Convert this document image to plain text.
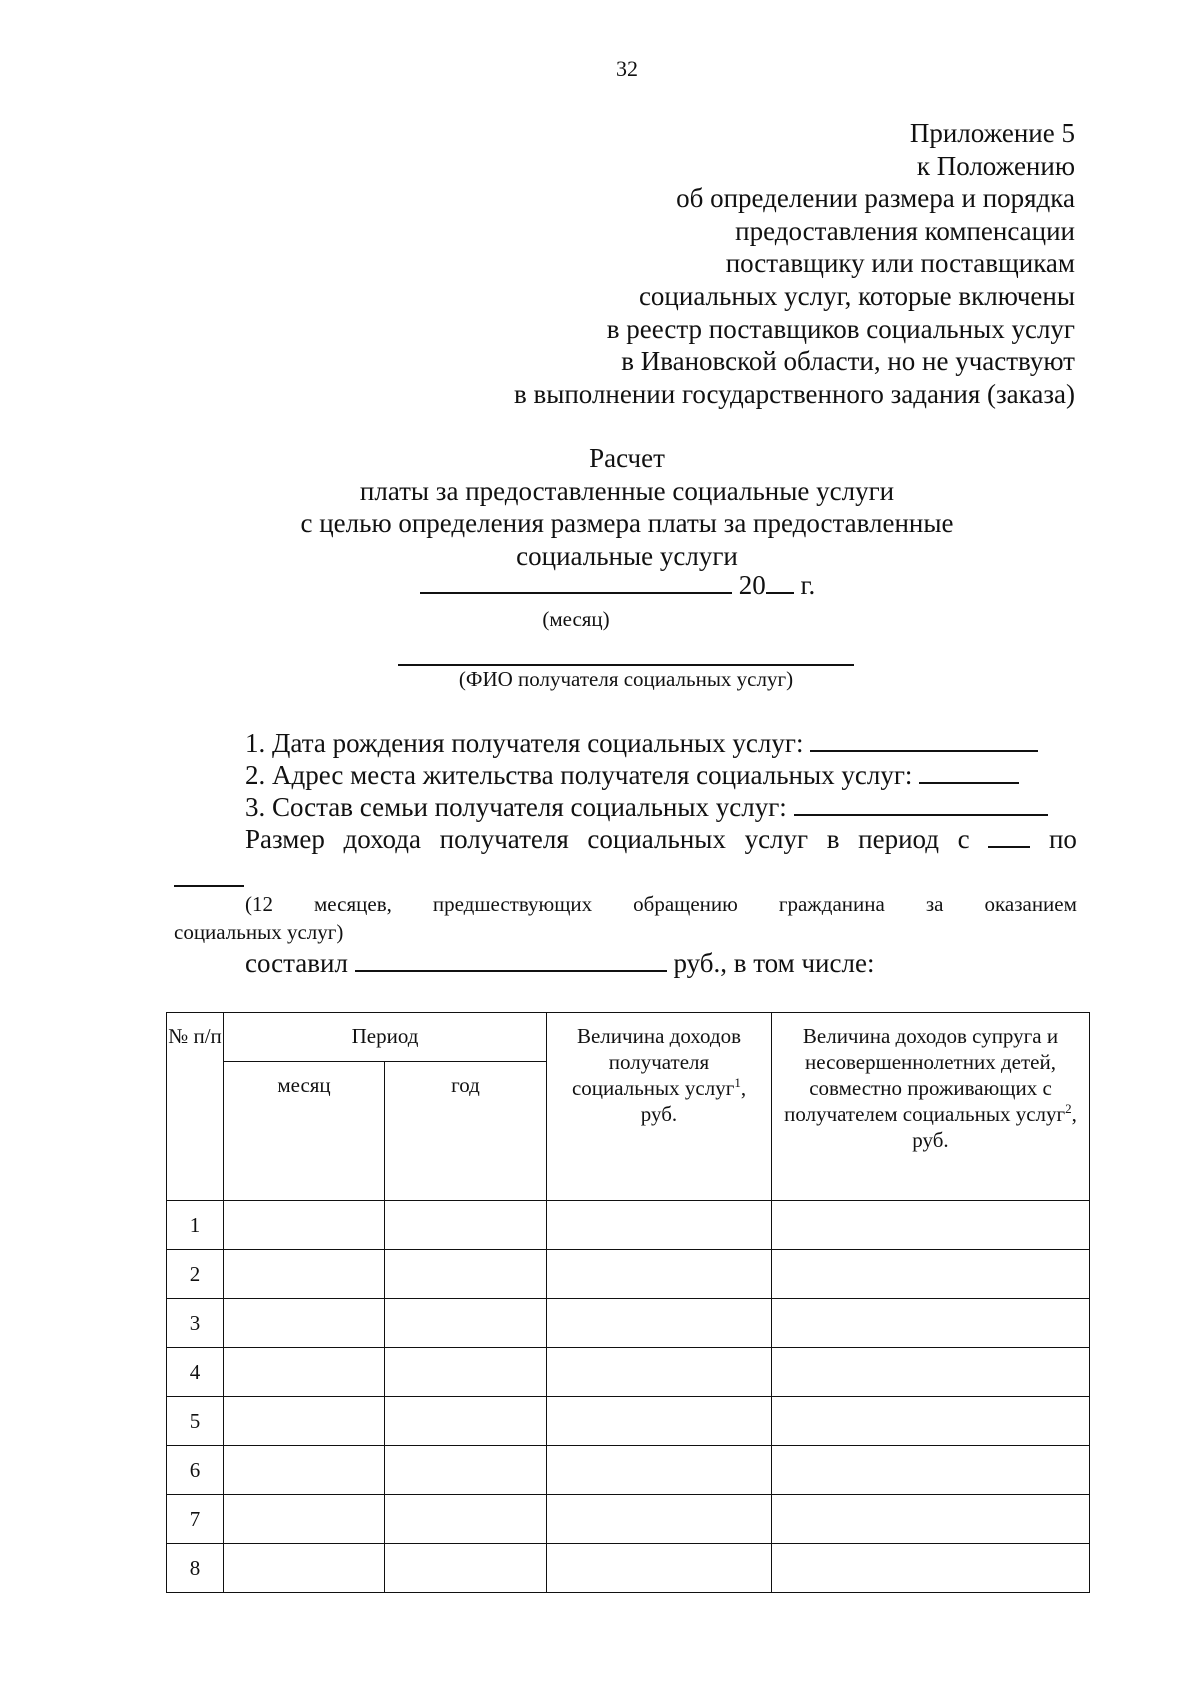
32
Приложение 5
к Положению
об определении размера и порядка
предоставления компенсации
поставщику или поставщикам
социальных услуг, которые включены
в реестр поставщиков социальных услуг
в Ивановской области, но не участвуют
в выполнении государственного задания (заказа)
Расчет
платы за предоставленные социальные услуги
с целью определения размера платы за предоставленные
социальные услуги
20 г.
(месяц)
(ФИО получателя социальных услуг)
1. Дата рождения получателя социальных услуг:
2. Адрес места жительства получателя социальных услуг:
3. Состав семьи получателя социальных услуг:
Размер дохода получателя социальных услуг в период с	по
(12 месяцев, предшествующих обращению гражданина за оказанием
социальных услуг)
составил	руб., в том числе:
№ п/п	Период		Величина доходов получателя социальных услуг$^1$, руб.	Величина доходов супруга и несовершеннолетних детей, совместно проживающих с получателем социальных услуг$^2$, руб.
	месяц	год		
1				
2				
3				
4				
5				
6				
7				
8				
